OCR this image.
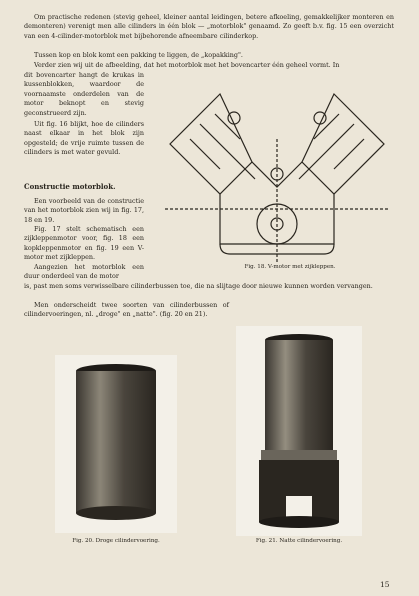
Om practische redenen (stevig geheel, kleiner aantal leidingen, betere afkoeling, gemakkelijker monteren en demonteren) verenigt men alle cilinders in één blok — „motorblok" genaamd. Zo geeft b.v. fig. 15 een overzicht van een 4-cilinder-motorblok met bijbehorende afneembare cilinderkop.
Tussen kop en blok komt een pakking te liggen, de „kopakking".
Verder zien wij uit de afbeelding, dat het motorblok met het bovencarter één geheel vormt. In
dit bovencarter hangt de krukas in kussenblokken, waardoor de voornaamste onderdelen van de motor beknopt en stevig geconstrueerd zijn.
Uit fig. 16 blijkt, hoe de cilinders naast elkaar in het blok zijn opgesteld; de vrije ruimte tussen de cilinders is met water gevuld.
Constructie motorblok.
Een voorbeeld van de constructie van het motorblok zien wij in fig. 17, 18 en 19.
Fig. 17 stelt schematisch een zijkleppenmotor voor, fig. 18 een kopkleppenmotor en fig. 19 een V-motor met zijkleppen.
Aangezien het motorblok een duur onderdeel van de motor
is, past men soms verwisselbare cilinderbussen toe, die na slijtage door nieuwe kunnen worden vervangen.
Men onderscheidt twee soorten van cilinderbussen of cilindervoeringen, nl. „droge" en „natte". (fig. 20 en 21).
Fig. 18. V-motor met zijkleppen.
Fig. 20. Droge cilindervoering.	Fig. 21. Natte cilindervoering.
15
